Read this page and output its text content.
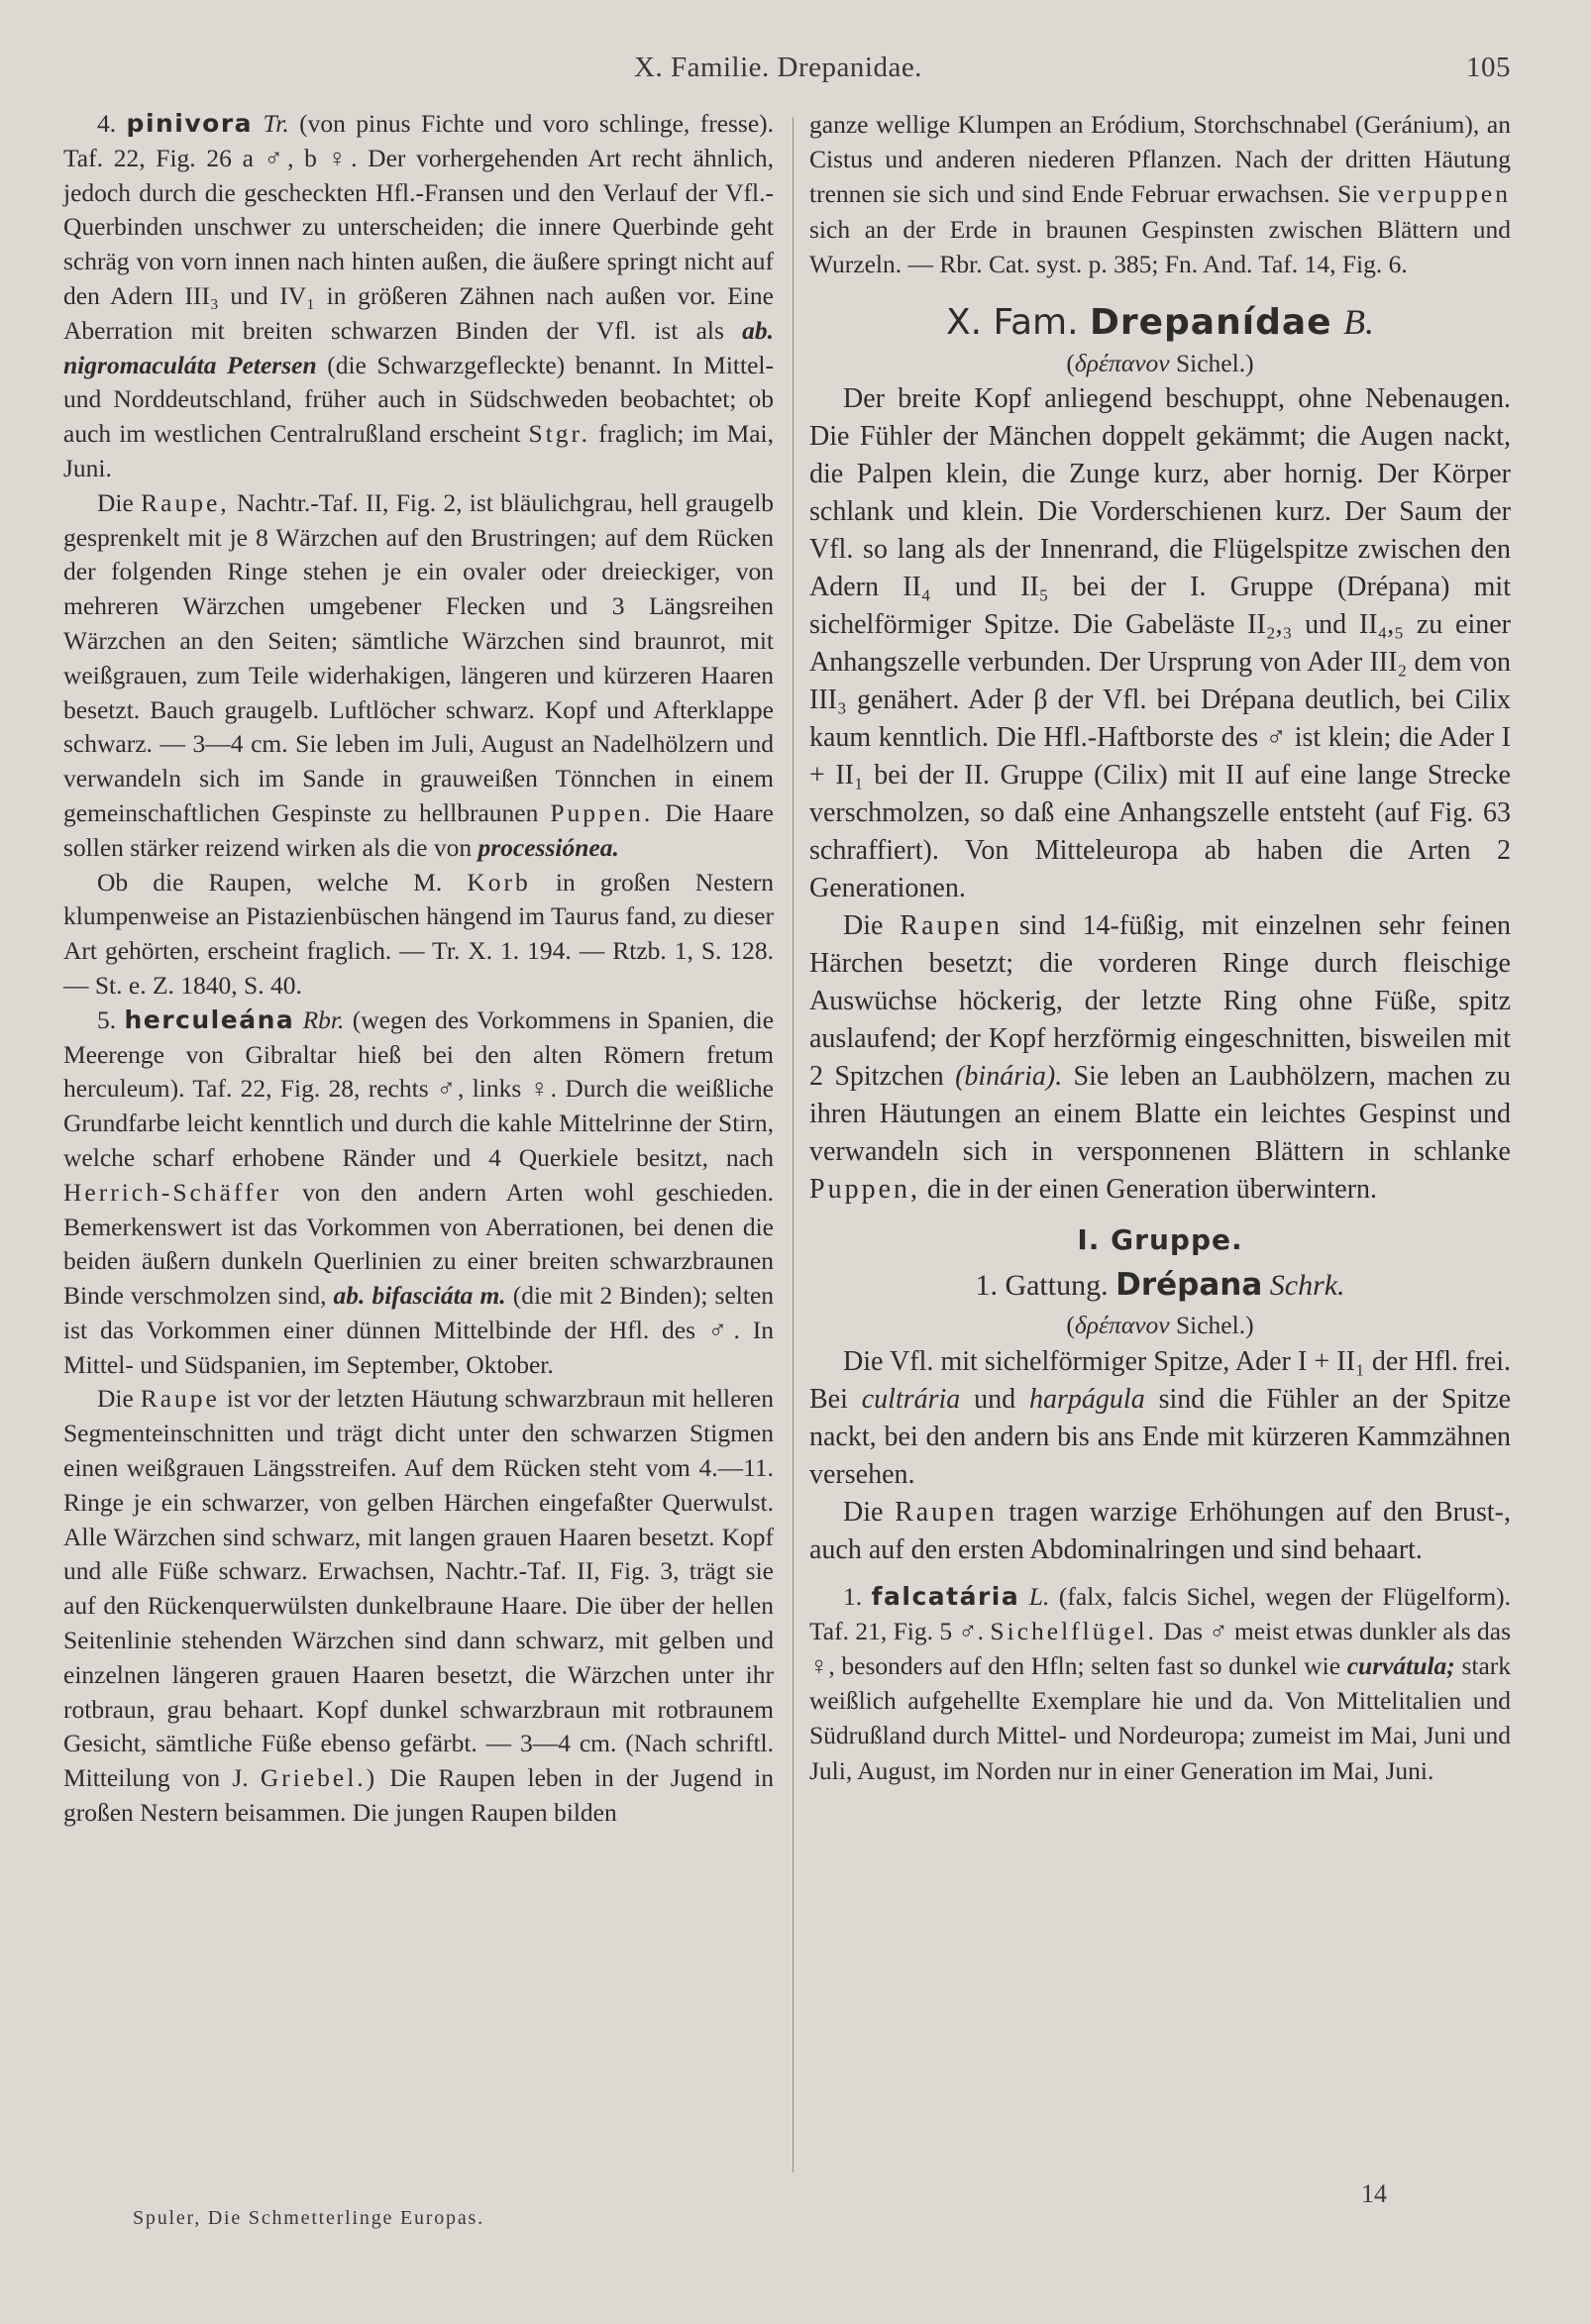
X. Familie. Drepanidae.	105

4. pinivora Tr. (von pinus Fichte und voro schlinge, fresse). Taf. 22, Fig. 26 a ♂, b ♀. Der vorhergehenden Art recht ähnlich, jedoch durch die gescheckten Hfl.-Fransen und den Verlauf der Vfl.-Querbinden unschwer zu unterscheiden; die innere Querbinde geht schräg von vorn innen nach hinten außen, die äußere springt nicht auf den Adern III₃ und IV₁ in größeren Zähnen nach außen vor. Eine Aberration mit breiten schwarzen Binden der Vfl. ist als ab. nigromaculáta Petersen (die Schwarzgefleckte) benannt. In Mittel- und Norddeutschland, früher auch in Südschweden beobachtet; ob auch im westlichen Centralrußland erscheint Stgr. fraglich; im Mai, Juni.

Die Raupe, Nachtr.-Taf. II, Fig. 2, ist bläulichgrau, hell graugelb gesprenkelt mit je 8 Wärzchen auf den Brustringen; auf dem Rücken der folgenden Ringe stehen je ein ovaler oder dreieckiger, von mehreren Wärzchen umgebener Flecken und 3 Längsreihen Wärzchen an den Seiten; sämtliche Wärzchen sind braunrot, mit weißgrauen, zum Teile widerhakigen, längeren und kürzeren Haaren besetzt. Bauch graugelb. Luftlöcher schwarz. Kopf und Afterklappe schwarz. — 3—4 cm. Sie leben im Juli, August an Nadelhölzern und verwandeln sich im Sande in grauweißen Tönnchen in einem gemeinschaftlichen Gespinste zu hellbraunen Puppen. Die Haare sollen stärker reizend wirken als die von processiónea.

Ob die Raupen, welche M. Korb in großen Nestern klumpenweise an Pistazienbüschen hängend im Taurus fand, zu dieser Art gehörten, erscheint fraglich. — Tr. X. 1. 194. — Rtzb. 1, S. 128. — St. e. Z. 1840, S. 40.

5. herculeána Rbr. (wegen des Vorkommens in Spanien, die Meerenge von Gibraltar hieß bei den alten Römern fretum herculeum). Taf. 22, Fig. 28, rechts ♂, links ♀. Durch die weißliche Grundfarbe leicht kenntlich und durch die kahle Mittelrinne der Stirn, welche scharf erhobene Ränder und 4 Querkiele besitzt, nach Herrich-Schäffer von den andern Arten wohl geschieden. Bemerkenswert ist das Vorkommen von Aberrationen, bei denen die beiden äußern dunkeln Querlinien zu einer breiten schwarzbraunen Binde verschmolzen sind, ab. bifasciáta m. (die mit 2 Binden); selten ist das Vorkommen einer dünnen Mittelbinde der Hfl. des ♂. In Mittel- und Südspanien, im September, Oktober.

Die Raupe ist vor der letzten Häutung schwarzbraun mit helleren Segmenteinschnitten und trägt dicht unter den schwarzen Stigmen einen weißgrauen Längsstreifen. Auf dem Rücken steht vom 4.—11. Ringe je ein schwarzer, von gelben Härchen eingefaßter Querwulst. Alle Wärzchen sind schwarz, mit langen grauen Haaren besetzt. Kopf und alle Füße schwarz. Erwachsen, Nachtr.-Taf. II, Fig. 3, trägt sie auf den Rückenquerwülsten dunkelbraune Haare. Die über der hellen Seitenlinie stehenden Wärzchen sind dann schwarz, mit gelben und einzelnen längeren grauen Haaren besetzt, die Wärzchen unter ihr rotbraun, grau behaart. Kopf dunkel schwarzbraun mit rotbraunem Gesicht, sämtliche Füße ebenso gefärbt. — 3—4 cm. (Nach schriftl. Mitteilung von J. Griebel.) Die Raupen leben in der Jugend in großen Nestern beisammen. Die jungen Raupen bilden

ganze wellige Klumpen an Eródium, Storchschnabel (Geránium), an Cistus und anderen niederen Pflanzen. Nach der dritten Häutung trennen sie sich und sind Ende Februar erwachsen. Sie verpuppen sich an der Erde in braunen Gespinsten zwischen Blättern und Wurzeln. — Rbr. Cat. syst. p. 385; Fn. And. Taf. 14, Fig. 6.

X. Fam. Drepanídae B.

(δρέπανον Sichel.)

Der breite Kopf anliegend beschuppt, ohne Nebenaugen. Die Fühler der Mänchen doppelt gekämmt; die Augen nackt, die Palpen klein, die Zunge kurz, aber hornig. Der Körper schlank und klein. Die Vorderschienen kurz. Der Saum der Vfl. so lang als der Innenrand, die Flügelspitze zwischen den Adern II₄ und II₅ bei der I. Gruppe (Drépana) mit sichelförmiger Spitze. Die Gabeläste II₂,₃ und II₄,₅ zu einer Anhangszelle verbunden. Der Ursprung von Ader III₂ dem von III₃ genähert. Ader β der Vfl. bei Drépana deutlich, bei Cilix kaum kenntlich. Die Hfl.-Haftborste des ♂ ist klein; die Ader I + II₁ bei der II. Gruppe (Cilix) mit II auf eine lange Strecke verschmolzen, so daß eine Anhangszelle entsteht (auf Fig. 63 schraffiert). Von Mitteleuropa ab haben die Arten 2 Generationen.

Die Raupen sind 14-füßig, mit einzelnen sehr feinen Härchen besetzt; die vorderen Ringe durch fleischige Auswüchse höckerig, der letzte Ring ohne Füße, spitz auslaufend; der Kopf herzförmig eingeschnitten, bisweilen mit 2 Spitzchen (binária). Sie leben an Laubhölzern, machen zu ihren Häutungen an einem Blatte ein leichtes Gespinst und verwandeln sich in versponnenen Blättern in schlanke Puppen, die in der einen Generation überwintern.

I. Gruppe.
1. Gattung. Drépana Schrk.

(δρέπανον Sichel.)

Die Vfl. mit sichelförmiger Spitze, Ader I + II₁ der Hfl. frei. Bei cultrária und harpágula sind die Fühler an der Spitze nackt, bei den andern bis ans Ende mit kürzeren Kammzähnen versehen.

Die Raupen tragen warzige Erhöhungen auf den Brust-, auch auf den ersten Abdominalringen und sind behaart.

1. falcatária L. (falx, falcis Sichel, wegen der Flügelform). Taf. 21, Fig. 5 ♂. Sichelflügel. Das ♂ meist etwas dunkler als das ♀, besonders auf den Hfln; selten fast so dunkel wie curvátula; stark weißlich aufgehellte Exemplare hie und da. Von Mittelitalien und Südrußland durch Mittel- und Nordeuropa; zumeist im Mai, Juni und Juli, August, im Norden nur in einer Generation im Mai, Juni.

Spuler, Die Schmetterlinge Europas.
14
